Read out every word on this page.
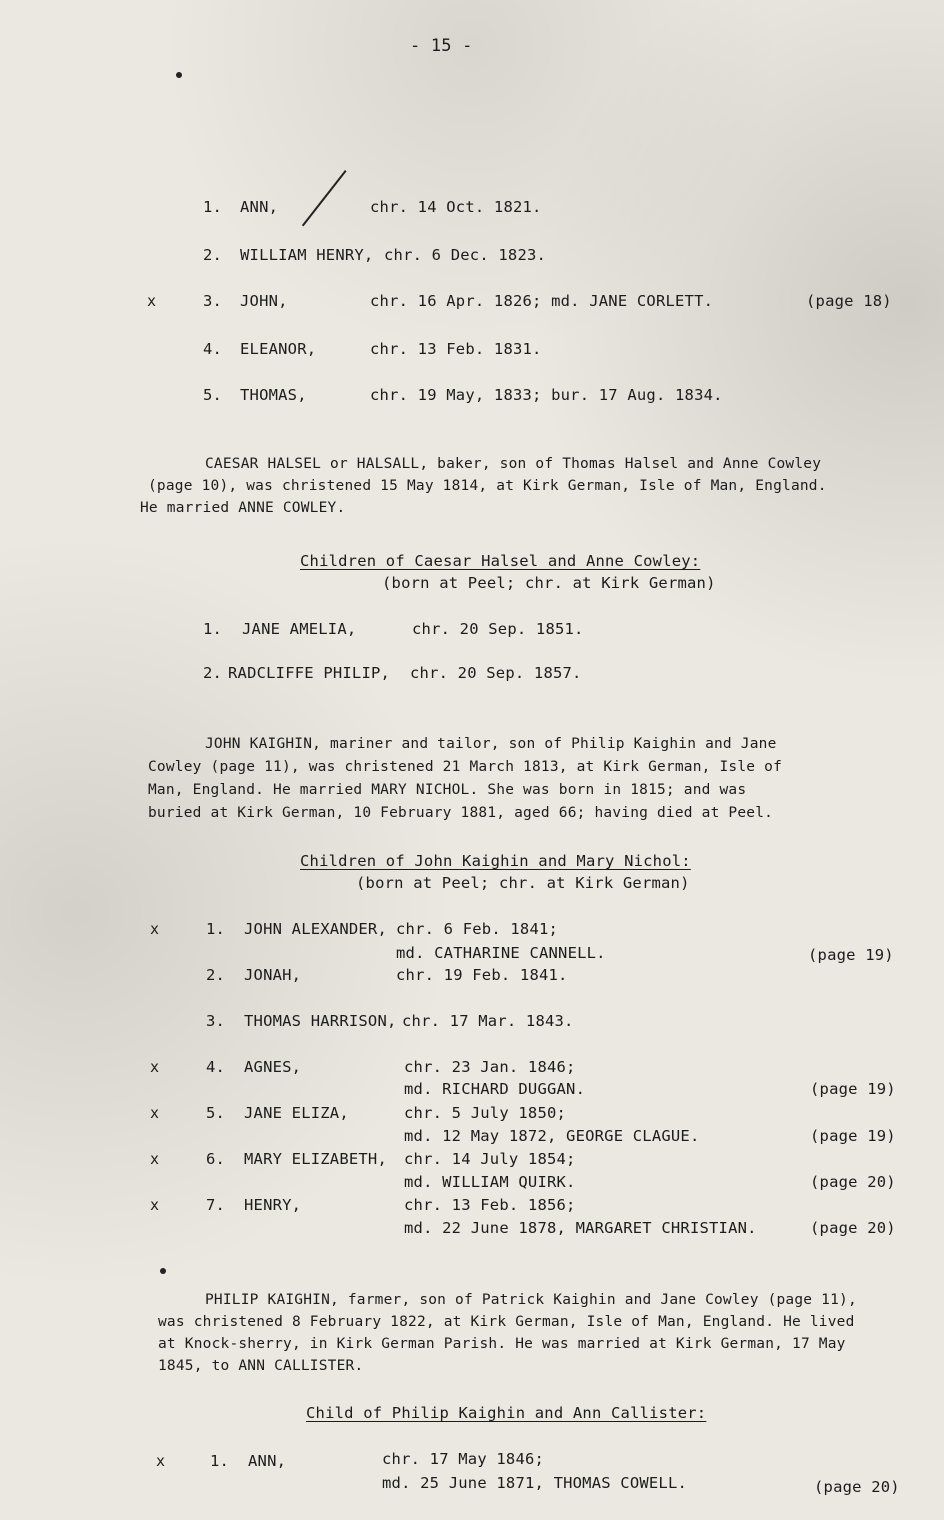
- 15 -
1. ANN,	chr. 14 Oct. 1821.
2. WILLIAM HENRY, chr. 6 Dec. 1823.
x	3. JOHN,	chr. 16 Apr. 1826; md. JANE CORLETT.	(page 18)
4. ELEANOR,	chr. 13 Feb. 1831.
5. THOMAS,	chr. 19 May, 1833; bur. 17 Aug. 1834.
CAESAR HALSEL or HALSALL, baker, son of Thomas Halsel and Anne Cowley
(page 10), was christened 15 May 1814, at Kirk German, Isle of Man, England.
He married ANNE COWLEY.
Children of Caesar Halsel and Anne Cowley:
(born at Peel; chr. at Kirk German)
1. JANE AMELIA,	chr. 20 Sep. 1851.
2. RADCLIFFE PHILIP, chr. 20 Sep. 1857.
JOHN KAIGHIN, mariner and tailor, son of Philip Kaighin and Jane
Cowley (page 11), was christened 21 March 1813, at Kirk German, Isle of
Man, England. He married MARY NICHOL. She was born in 1815; and was
buried at Kirk German, 10 February 1881, aged 66; having died at Peel.
Children of John Kaighin and Mary Nichol:
(born at Peel; chr. at Kirk German)
x	1. JOHN ALEXANDER, chr. 6 Feb. 1841;
md. CATHARINE CANNELL.	(page 19)
2. JONAH,	chr. 19 Feb. 1841.
3. THOMAS HARRISON, chr. 17 Mar. 1843.
x	4. AGNES,	chr. 23 Jan. 1846;
md. RICHARD DUGGAN.	(page 19)
x	5. JANE ELIZA,	chr. 5 July 1850;
md. 12 May 1872, GEORGE CLAGUE.	(page 19)
x	6. MARY ELIZABETH, chr. 14 July 1854;
md. WILLIAM QUIRK.	(page 20)
x	7. HENRY,	chr. 13 Feb. 1856;
md. 22 June 1878, MARGARET CHRISTIAN.	(page 20)
PHILIP KAIGHIN, farmer, son of Patrick Kaighin and Jane Cowley (page 11),
was christened 8 February 1822, at Kirk German, Isle of Man, England. He lived
at Knock-sherry, in Kirk German Parish. He was married at Kirk German, 17 May
1845, to ANN CALLISTER.
Child of Philip Kaighin and Ann Callister:
x	1. ANN,	chr. 17 May 1846;
md. 25 June 1871, THOMAS COWELL.	(page 20)
